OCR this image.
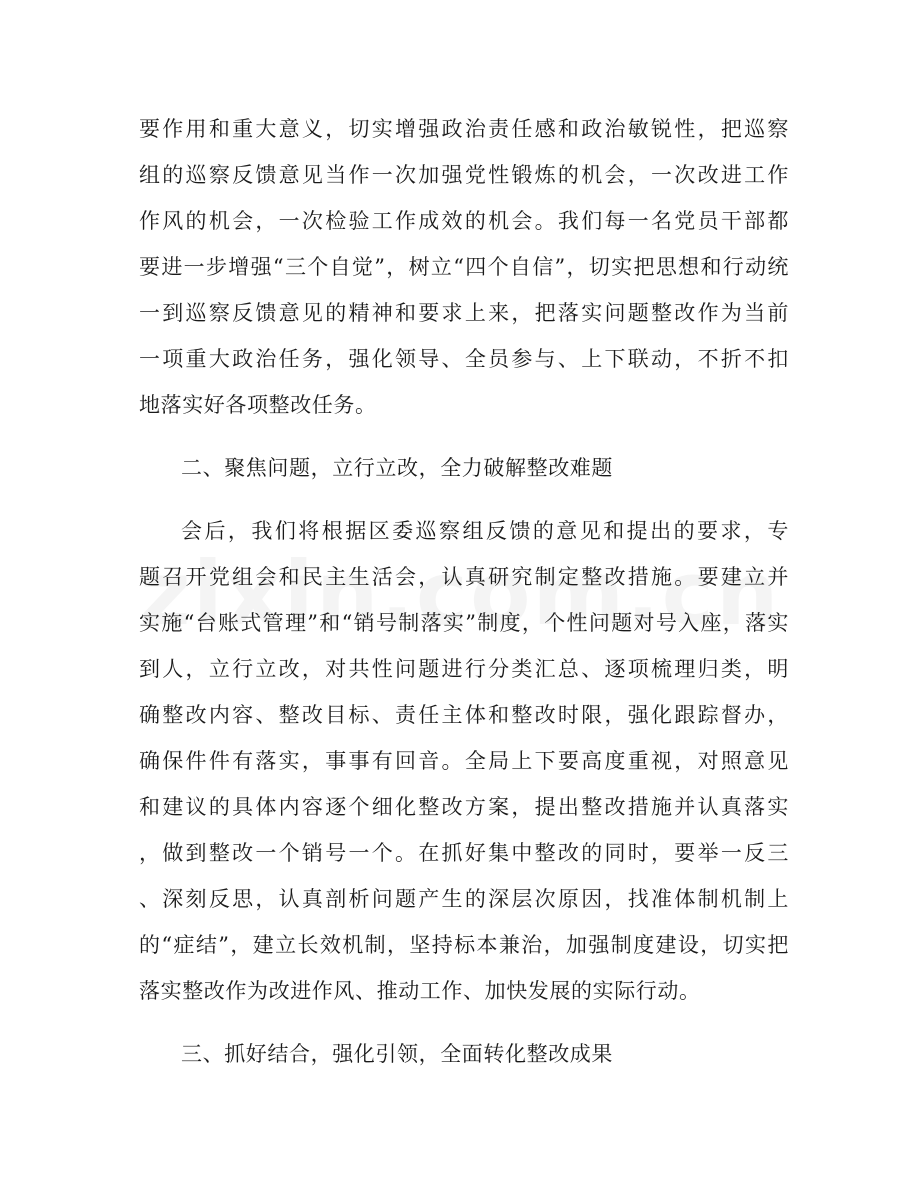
要作用和重大意义，切实增强政治责任感和政治敏锐性，把巡察
组的巡察反馈意见当作一次加强党性锻炼的机会，一次改进工作
作风的机会，一次检验工作成效的机会。我们每一名党员干部都
要进一步增强“三个自觉”，树立“四个自信”，切实把思想和行动统
一到巡察反馈意见的精神和要求上来，把落实问题整改作为当前
一项重大政治任务，强化领导、全员参与、上下联动，不折不扣
地落实好各项整改任务。
二、聚焦问题，立行立改，全力破解整改难题
会后，我们将根据区委巡察组反馈的意见和提出的要求，专
题召开党组会和民主生活会，认真研究制定整改措施。要建立并
实施“台账式管理”和“销号制落实”制度，个性问题对号入座，落实
到人，立行立改，对共性问题进行分类汇总、逐项梳理归类，明
确整改内容、整改目标、责任主体和整改时限，强化跟踪督办，
确保件件有落实，事事有回音。全局上下要高度重视，对照意见
和建议的具体内容逐个细化整改方案，提出整改措施并认真落实
，做到整改一个销号一个。在抓好集中整改的同时，要举一反三
、深刻反思，认真剖析问题产生的深层次原因，找准体制机制上
的“症结”，建立长效机制，坚持标本兼治，加强制度建设，切实把
落实整改作为改进作风、推动工作、加快发展的实际行动。
三、抓好结合，强化引领，全面转化整改成果
